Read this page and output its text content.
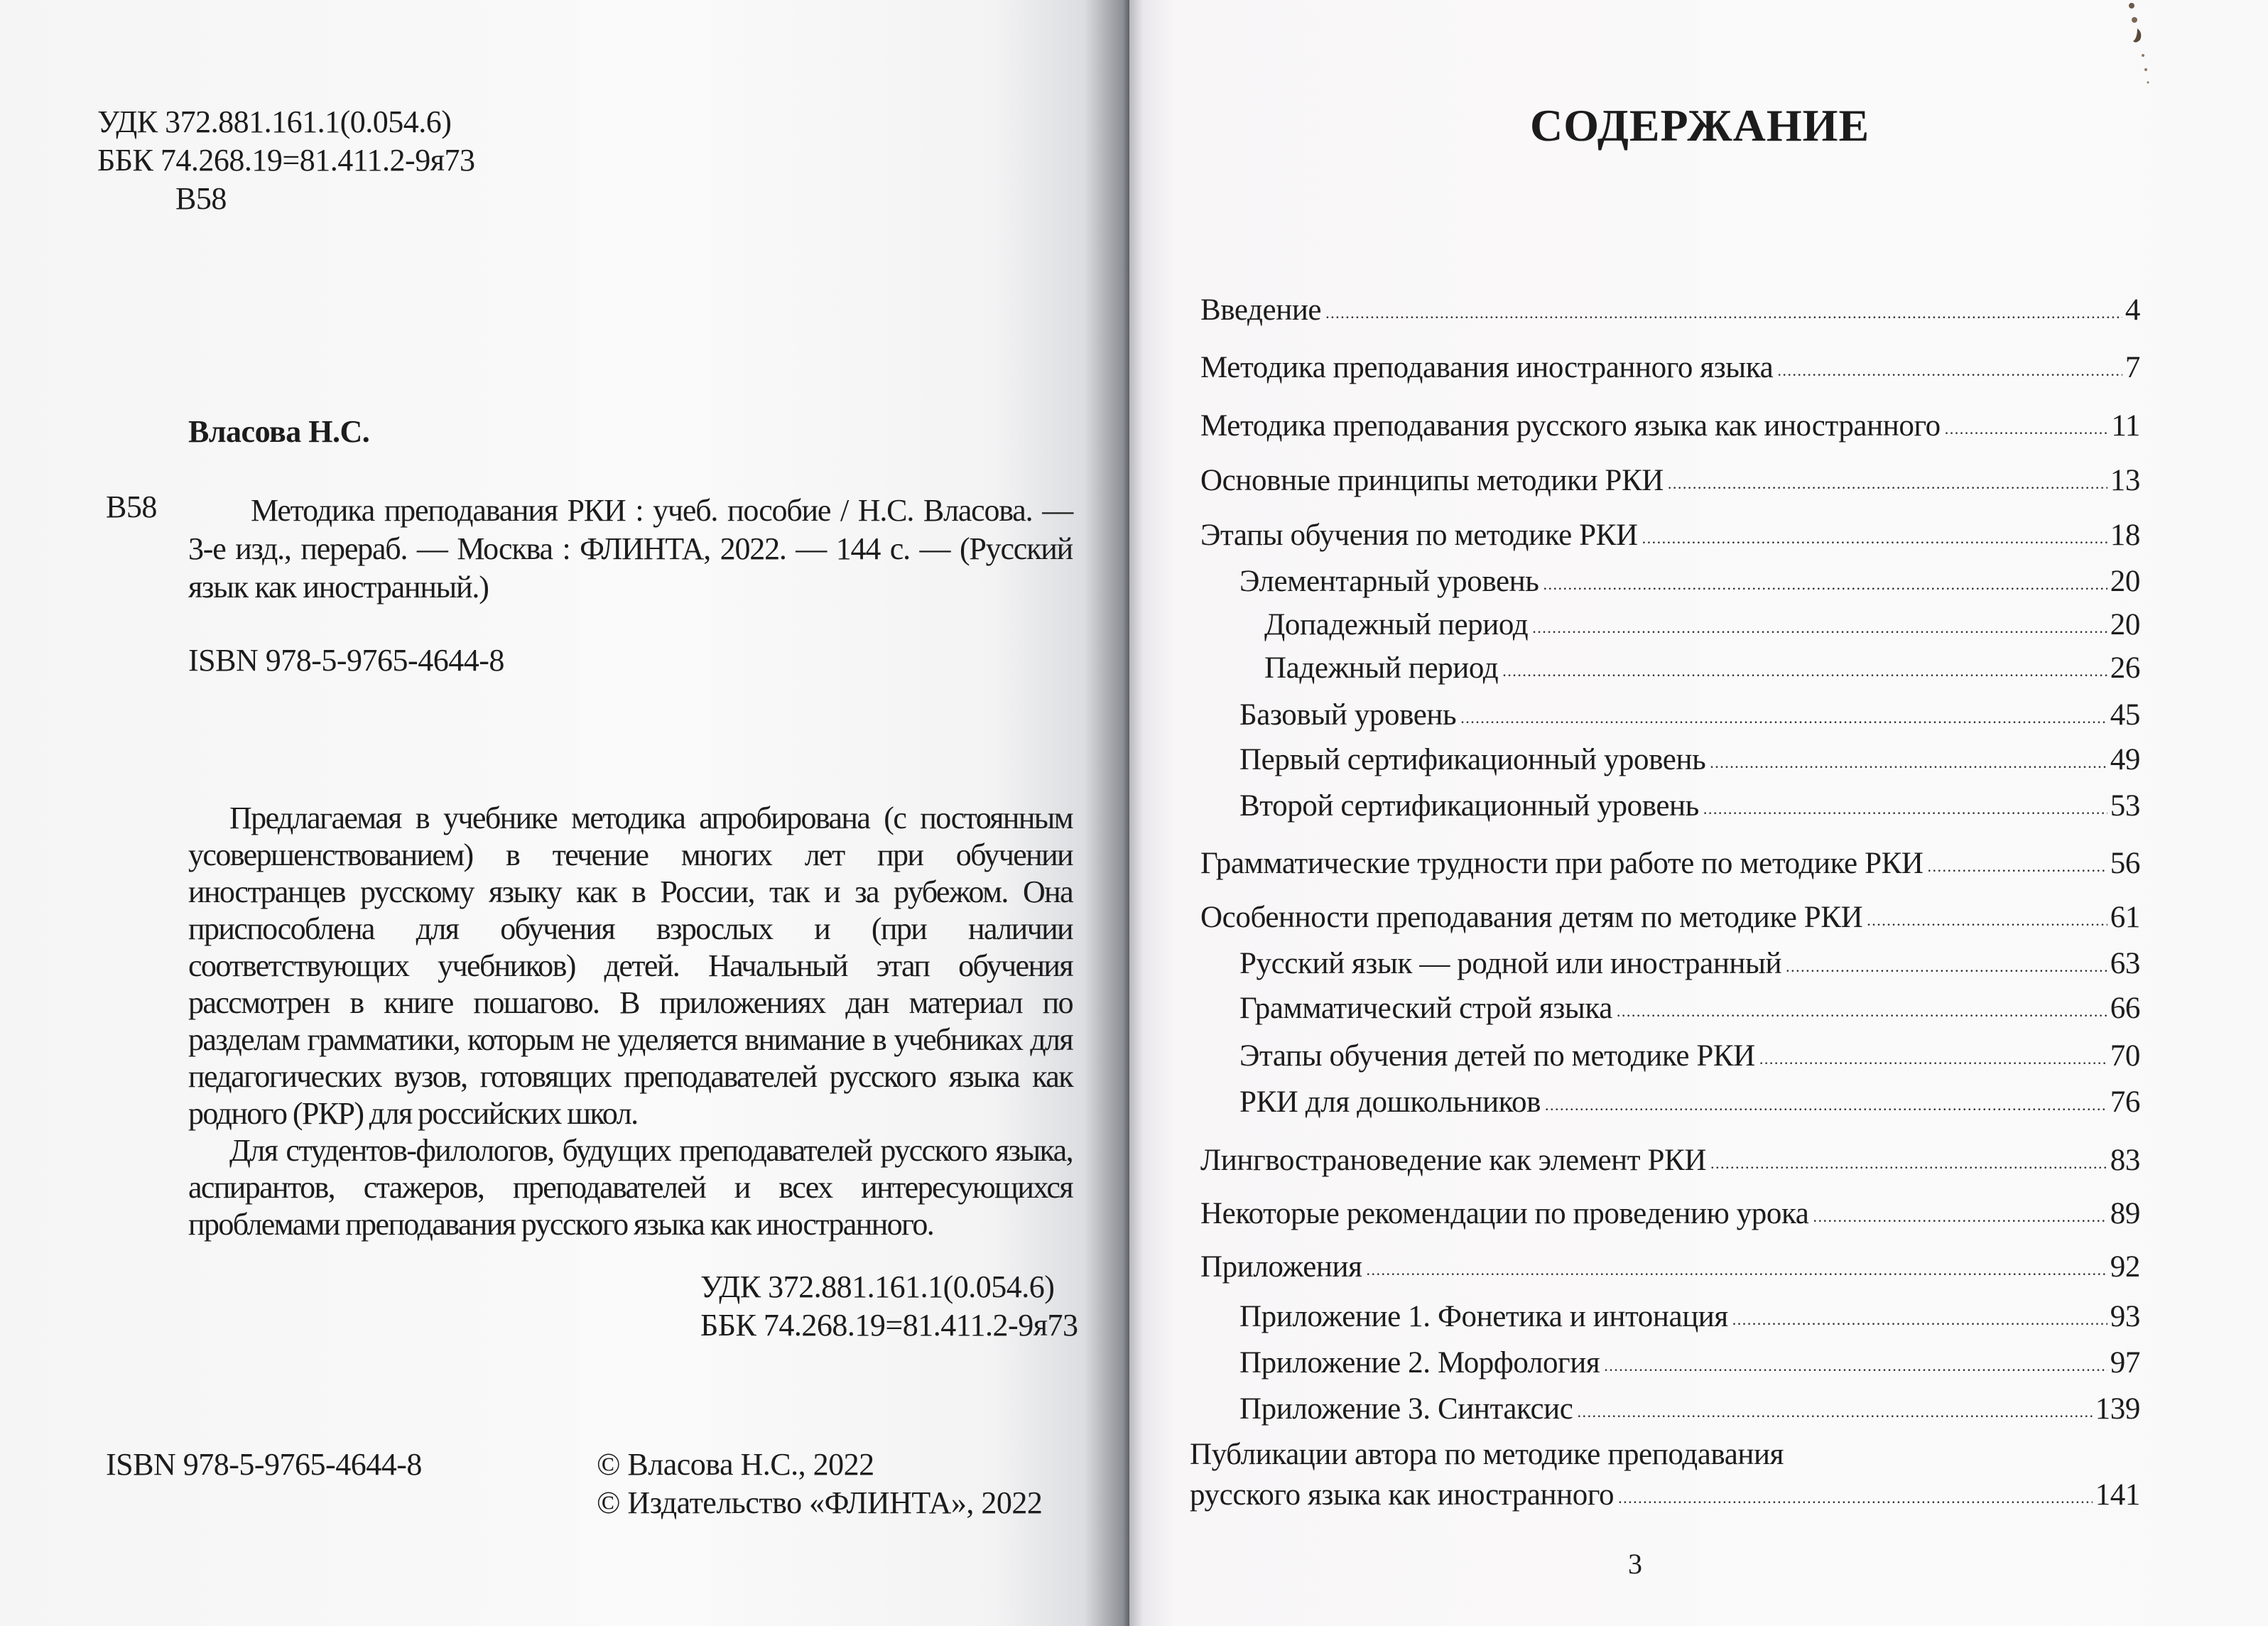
УДК 372.881.161.1(0.054.6)
ББК 74.268.19=81.411.2-9я73
В58
Власова Н.С.
В58	Методика преподавания РКИ : учеб. пособие / Н.С. Власова. — 3-е изд., перераб. — Москва : ФЛИНТА, 2022. — 144 с. — (Русский язык как иностранный.)
ISBN 978-5-9765-4644-8

Предлагаемая в учебнике методика апробирована (с постоянным усовершенствованием) в течение многих лет при обучении иностранцев русскому языку как в России, так и за рубежом. Она приспособлена для обучения взрослых и (при наличии соответствующих учебников) детей. Начальный этап обучения рассмотрен в книге пошагово. В приложениях дан материал по разделам грамматики, которым не уделяется внимание в учебниках для педагогических вузов, готовящих преподавателей русского языка как родного (РКР) для российских школ.

Для студентов-филологов, будущих преподавателей русского языка, аспирантов, стажеров, преподавателей и всех интересующихся проблемами преподавания русского языка как иностранного.

УДК 372.881.161.1(0.054.6)
ББК 74.268.19=81.411.2-9я73
ISBN 978-5-9765-4644-8	© Власова Н.С., 2022
© Издательство «ФЛИНТА», 2022
СОДЕРЖАНИЕ
Введение .....	4
Методика преподавания иностранного языка .....	7
Методика преподавания русского языка как иностранного .....	11
Основные принципы методики РКИ .....	13
Этапы обучения по методике РКИ .....	18
Элементарный уровень .....	20
Допадежный период .....	20
Падежный период .....	26
Базовый уровень .....	45
Первый сертификационный уровень .....	49
Второй сертификационный уровень .....	53
Грамматические трудности при работе по методике РКИ .....	56
Особенности преподавания детям по методике РКИ .....	61
Русский язык — родной или иностранный .....	63
Грамматический строй языка .....	66
Этапы обучения детей по методике РКИ .....	70
РКИ для дошкольников .....	76
Лингвострановедение как элемент РКИ .....	83
Некоторые рекомендации по проведению урока .....	89
Приложения .....	92
Приложение 1. Фонетика и интонация .....	93
Приложение 2. Морфология .....	97
Приложение 3. Синтаксис .....	139
Публикации автора по методике преподавания
русского языка как иностранного .....	141
3
